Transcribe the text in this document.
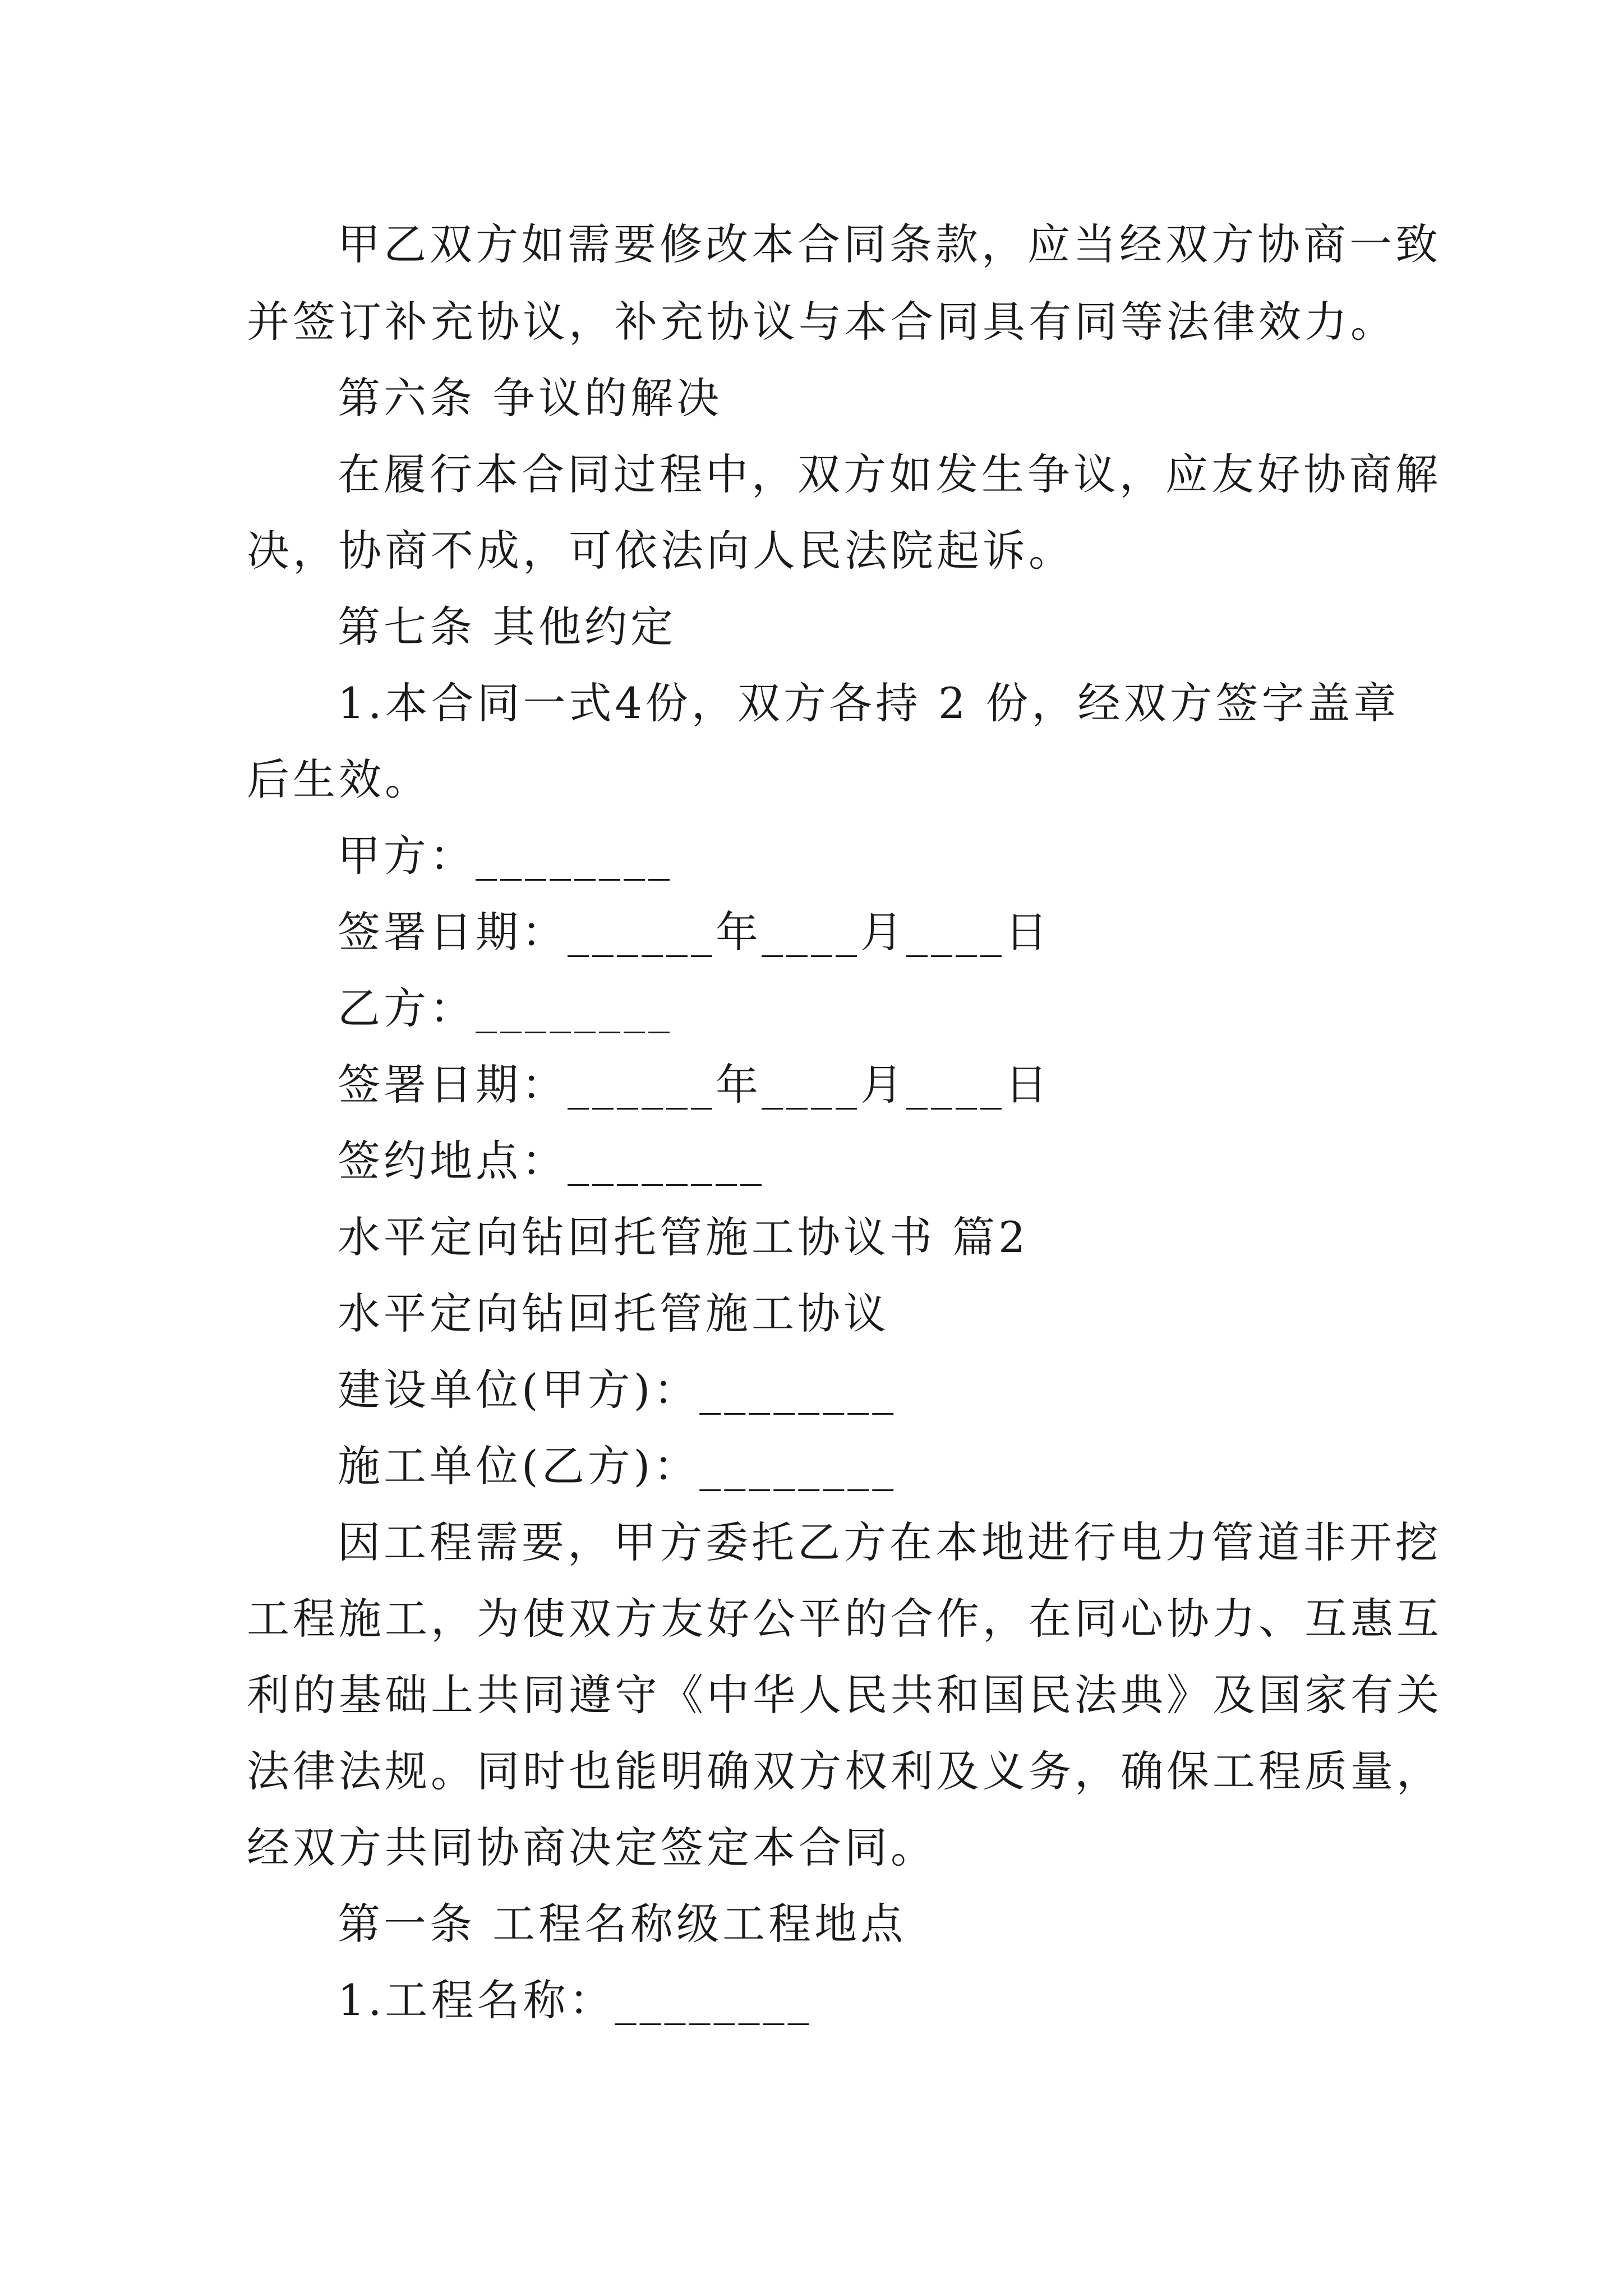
甲乙双方如需要修改本合同条款，应当经双方协商一致
并签订补充协议，补充协议与本合同具有同等法律效力。
第六条 争议的解决
在履行本合同过程中，双方如发生争议，应友好协商解
决，协商不成，可依法向人民法院起诉。
第七条 其他约定
1.本合同一式4份，双方各持 2 份，经双方签字盖章
后生效。
甲方：________
签署日期：______年____月____日
乙方：________
签署日期：______年____月____日
签约地点：________
水平定向钻回托管施工协议书 篇2
水平定向钻回托管施工协议
建设单位(甲方)：________
施工单位(乙方)：________
因工程需要，甲方委托乙方在本地进行电力管道非开挖
工程施工，为使双方友好公平的合作，在同心协力、互惠互
利的基础上共同遵守《中华人民共和国民法典》及国家有关
法律法规。同时也能明确双方权利及义务，确保工程质量，
经双方共同协商决定签定本合同。
第一条 工程名称级工程地点
1.工程名称：________
